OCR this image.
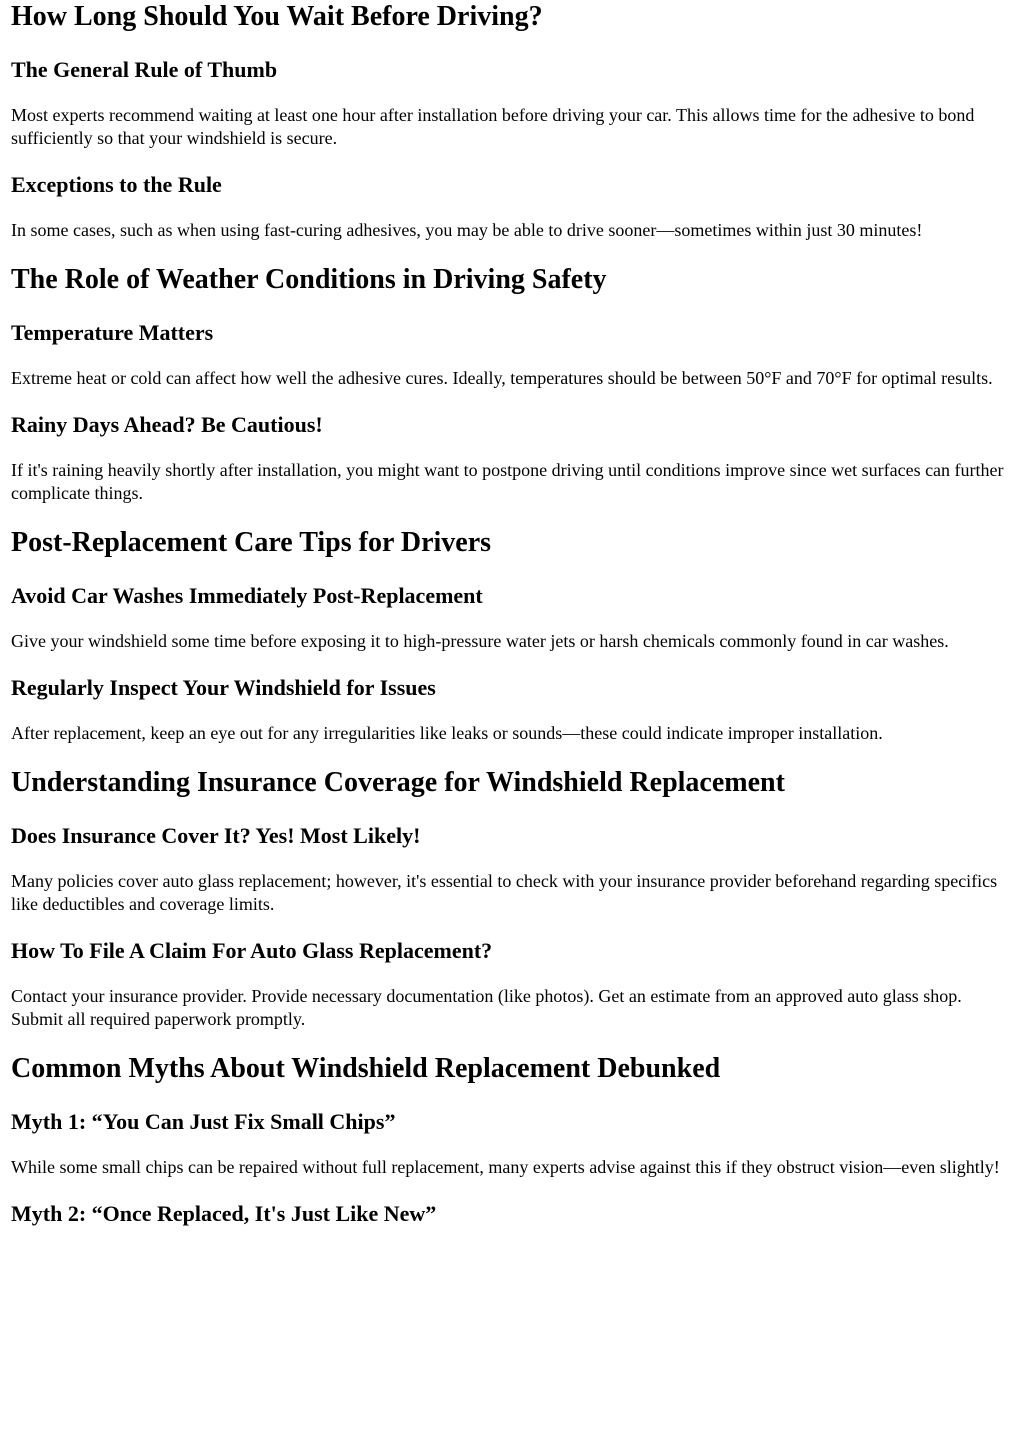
How Long Should You Wait Before Driving?
The General Rule of Thumb

Most experts recommend waiting at least one hour after installation before driving your car. This allows time for the adhesive to bond sufficiently so that your windshield is secure.

Exceptions to the Rule

In some cases, such as when using fast-curing adhesives, you may be able to drive sooner—sometimes within just 30 minutes!

The Role of Weather Conditions in Driving Safety
Temperature Matters

Extreme heat or cold can affect how well the adhesive cures. Ideally, temperatures should be between 50°F and 70°F for optimal results.

Rainy Days Ahead? Be Cautious!

If it's raining heavily shortly after installation, you might want to postpone driving until conditions improve since wet surfaces can further complicate things.

Post-Replacement Care Tips for Drivers
Avoid Car Washes Immediately Post-Replacement

Give your windshield some time before exposing it to high-pressure water jets or harsh chemicals commonly found in car washes.

Regularly Inspect Your Windshield for Issues

After replacement, keep an eye out for any irregularities like leaks or sounds—these could indicate improper installation.

Understanding Insurance Coverage for Windshield Replacement
Does Insurance Cover It? Yes! Most Likely!

Many policies cover auto glass replacement; however, it's essential to check with your insurance provider beforehand regarding specifics like deductibles and coverage limits.

How To File A Claim For Auto Glass Replacement?

Contact your insurance provider. Provide necessary documentation (like photos). Get an estimate from an approved auto glass shop. Submit all required paperwork promptly.

Common Myths About Windshield Replacement Debunked
Myth 1: “You Can Just Fix Small Chips”

While some small chips can be repaired without full replacement, many experts advise against this if they obstruct vision—even slightly!

Myth 2: “Once Replaced, It's Just Like New”
